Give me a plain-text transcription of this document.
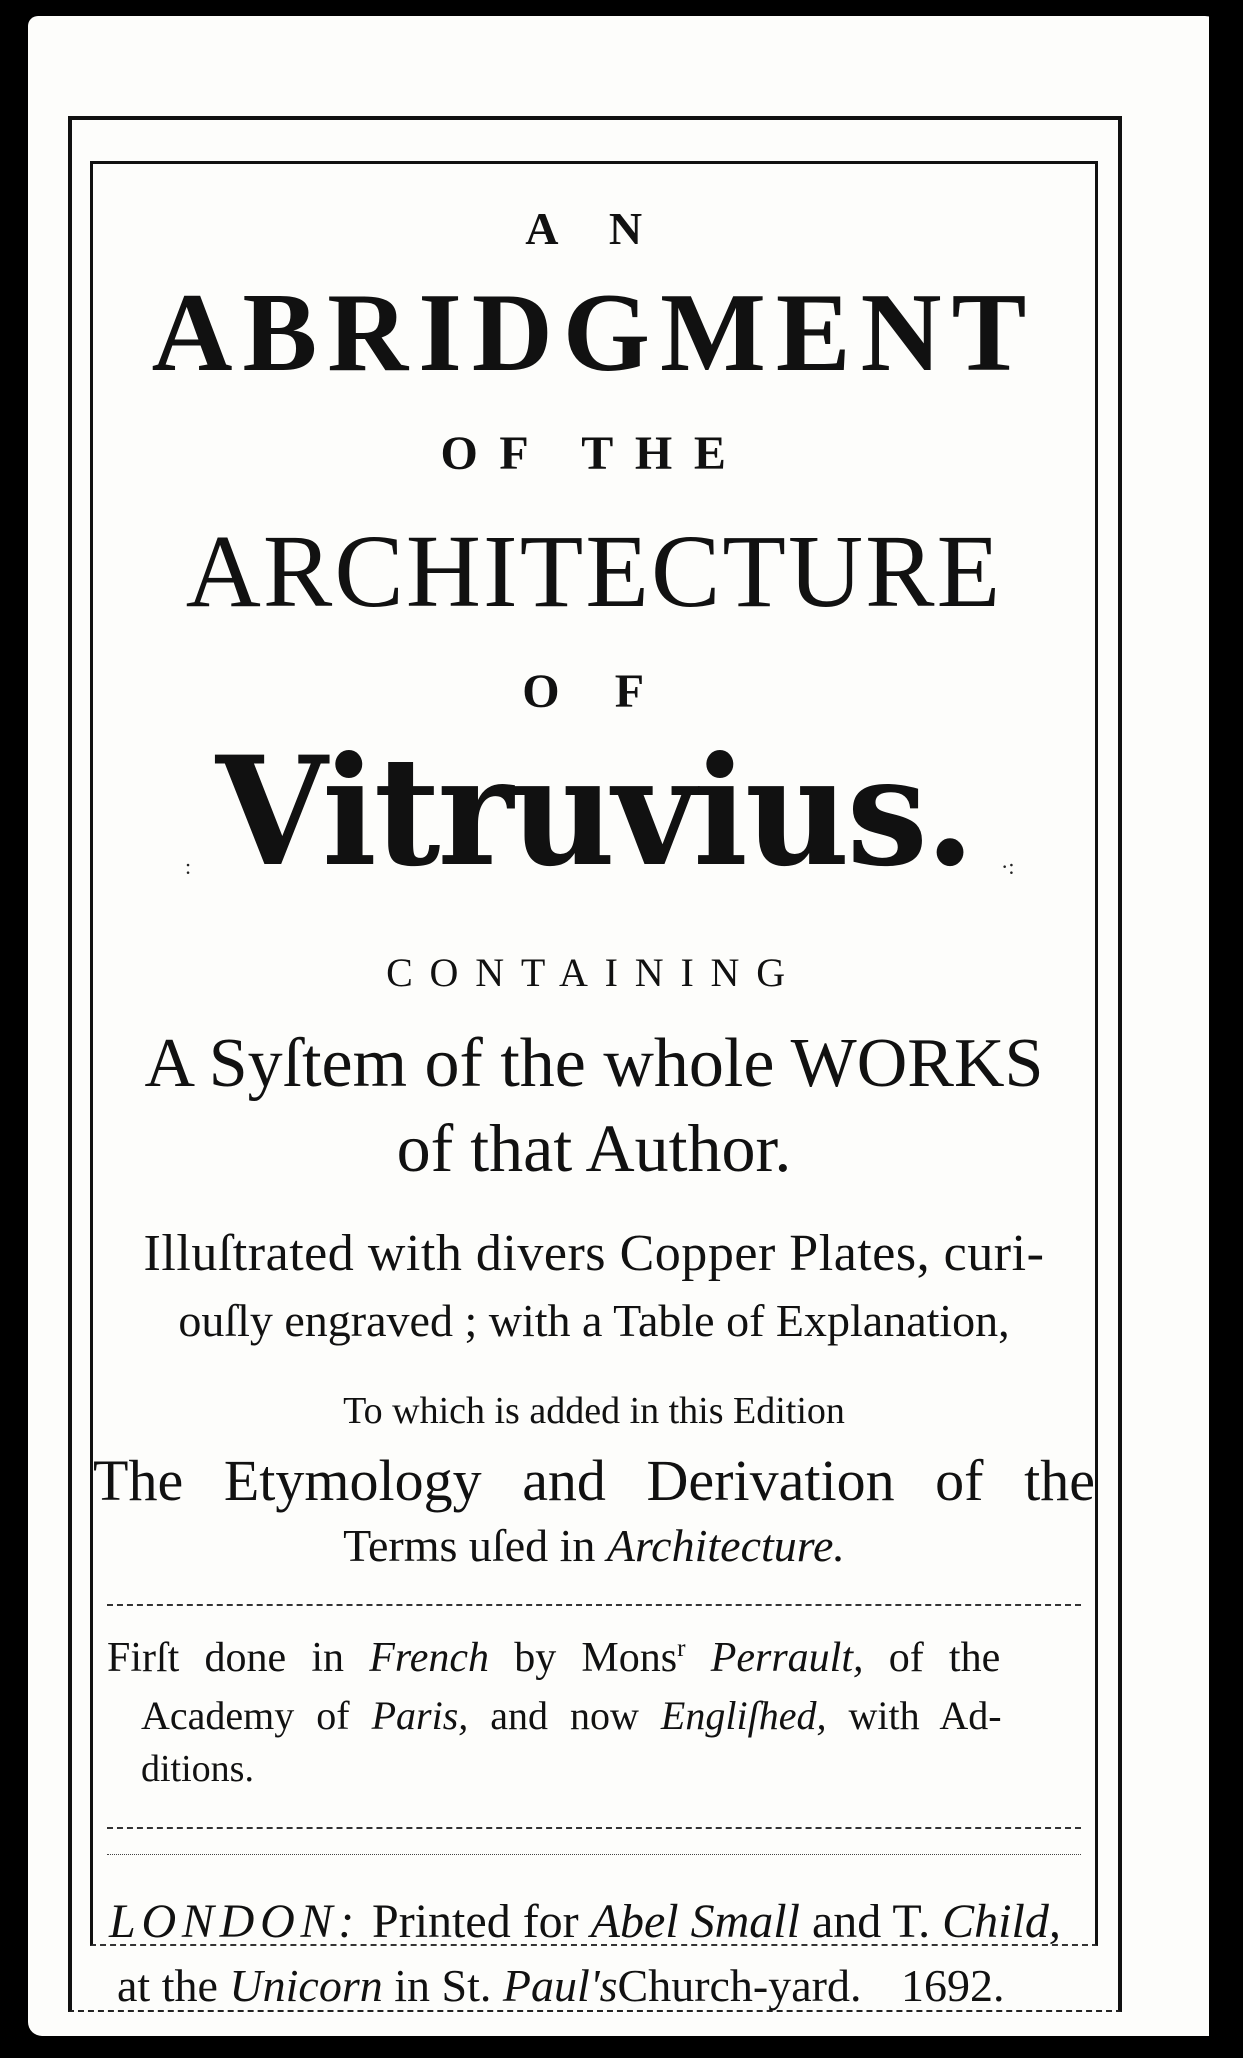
A N
ABRIDGMENT
OF THE
ARCHITECTURE
O F
Vitruvius.
:	·:
CONTAINING
A Syſtem of the whole WORKS
of that Author.
Illuſtrated with divers Copper Plates, curi-
ouſly engraved ; with a Table of Explanation,
To which is added in this Edition
The Etymology and Derivation of the
Terms uſed in Architecture.
Firſt done in French by Mons$^r$ Perrault, of the
Academy of Paris, and now Engliſhed, with Ad-
ditions.
LONDON: Printed for Abel Small and T. Child,
at the Unicorn in St. Paul'sChurch-yard. 1692.
